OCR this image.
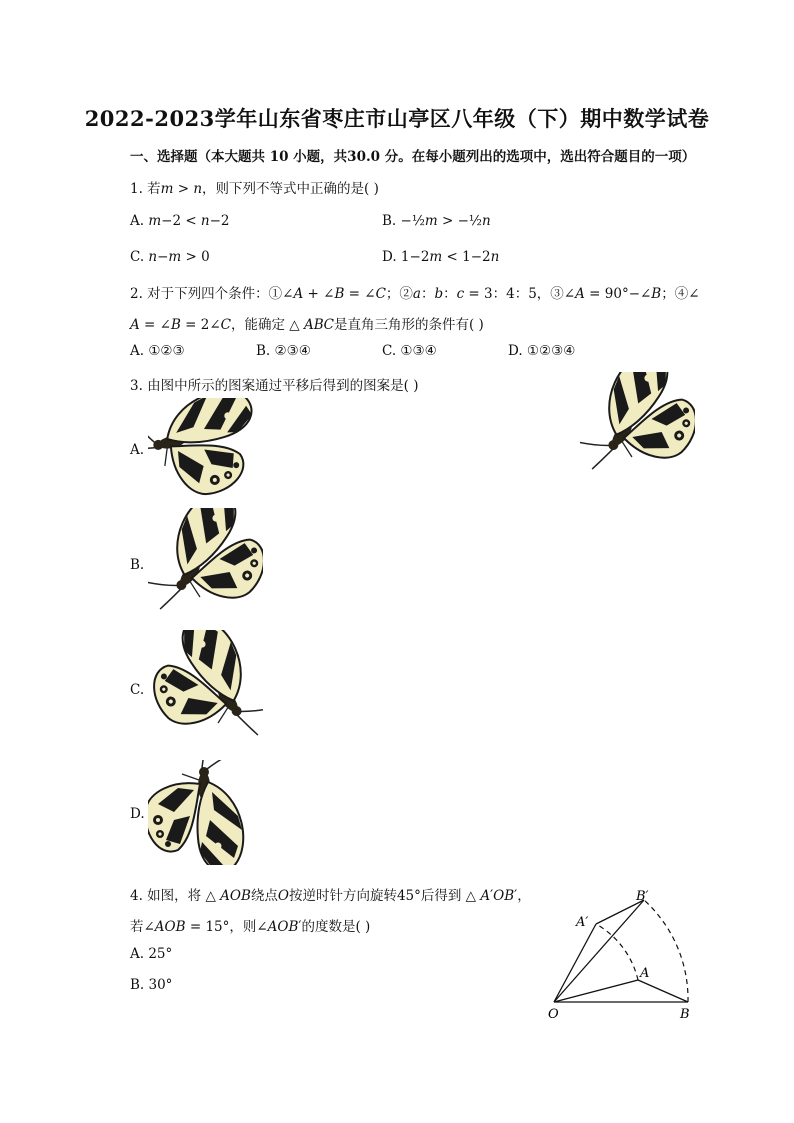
2022-2023学年山东省枣庄市山亭区八年级（下）期中数学试卷
一、选择题（本大题共 10 小题，共30.0 分。在每小题列出的选项中，选出符合题目的一项）
1. 若𝑚 > 𝑛，则下列不等式中正确的是( )
A. 𝑚−2 < 𝑛−2	B. −½𝑚 > −½𝑛
C. 𝑛−𝑚 > 0	D. 1−2𝑚 < 1−2𝑛
2. 对于下列四个条件：①∠𝐴 + ∠𝐵 = ∠𝐶；②𝑎：𝑏：𝑐 = 3：4：5，③∠𝐴 = 90°−∠𝐵；④∠
𝐴 = ∠𝐵 = 2∠𝐶，能确定 △ 𝐴𝐵𝐶是直角三角形的条件有( )
A. ①②③	B. ②③④	C. ①③④	D. ①②③④
3. 由图中所示的图案通过平移后得到的图案是( )
A.
B.
C.
D.
4. 如图，将 △ 𝐴𝑂𝐵绕点𝑂按逆时针方向旋转45°后得到 △ 𝐴′𝑂𝐵′，
若∠𝐴𝑂𝐵 = 15°，则∠𝐴𝑂𝐵′的度数是( )
A. 25°
B. 30°
B′
A′
A
O	B
